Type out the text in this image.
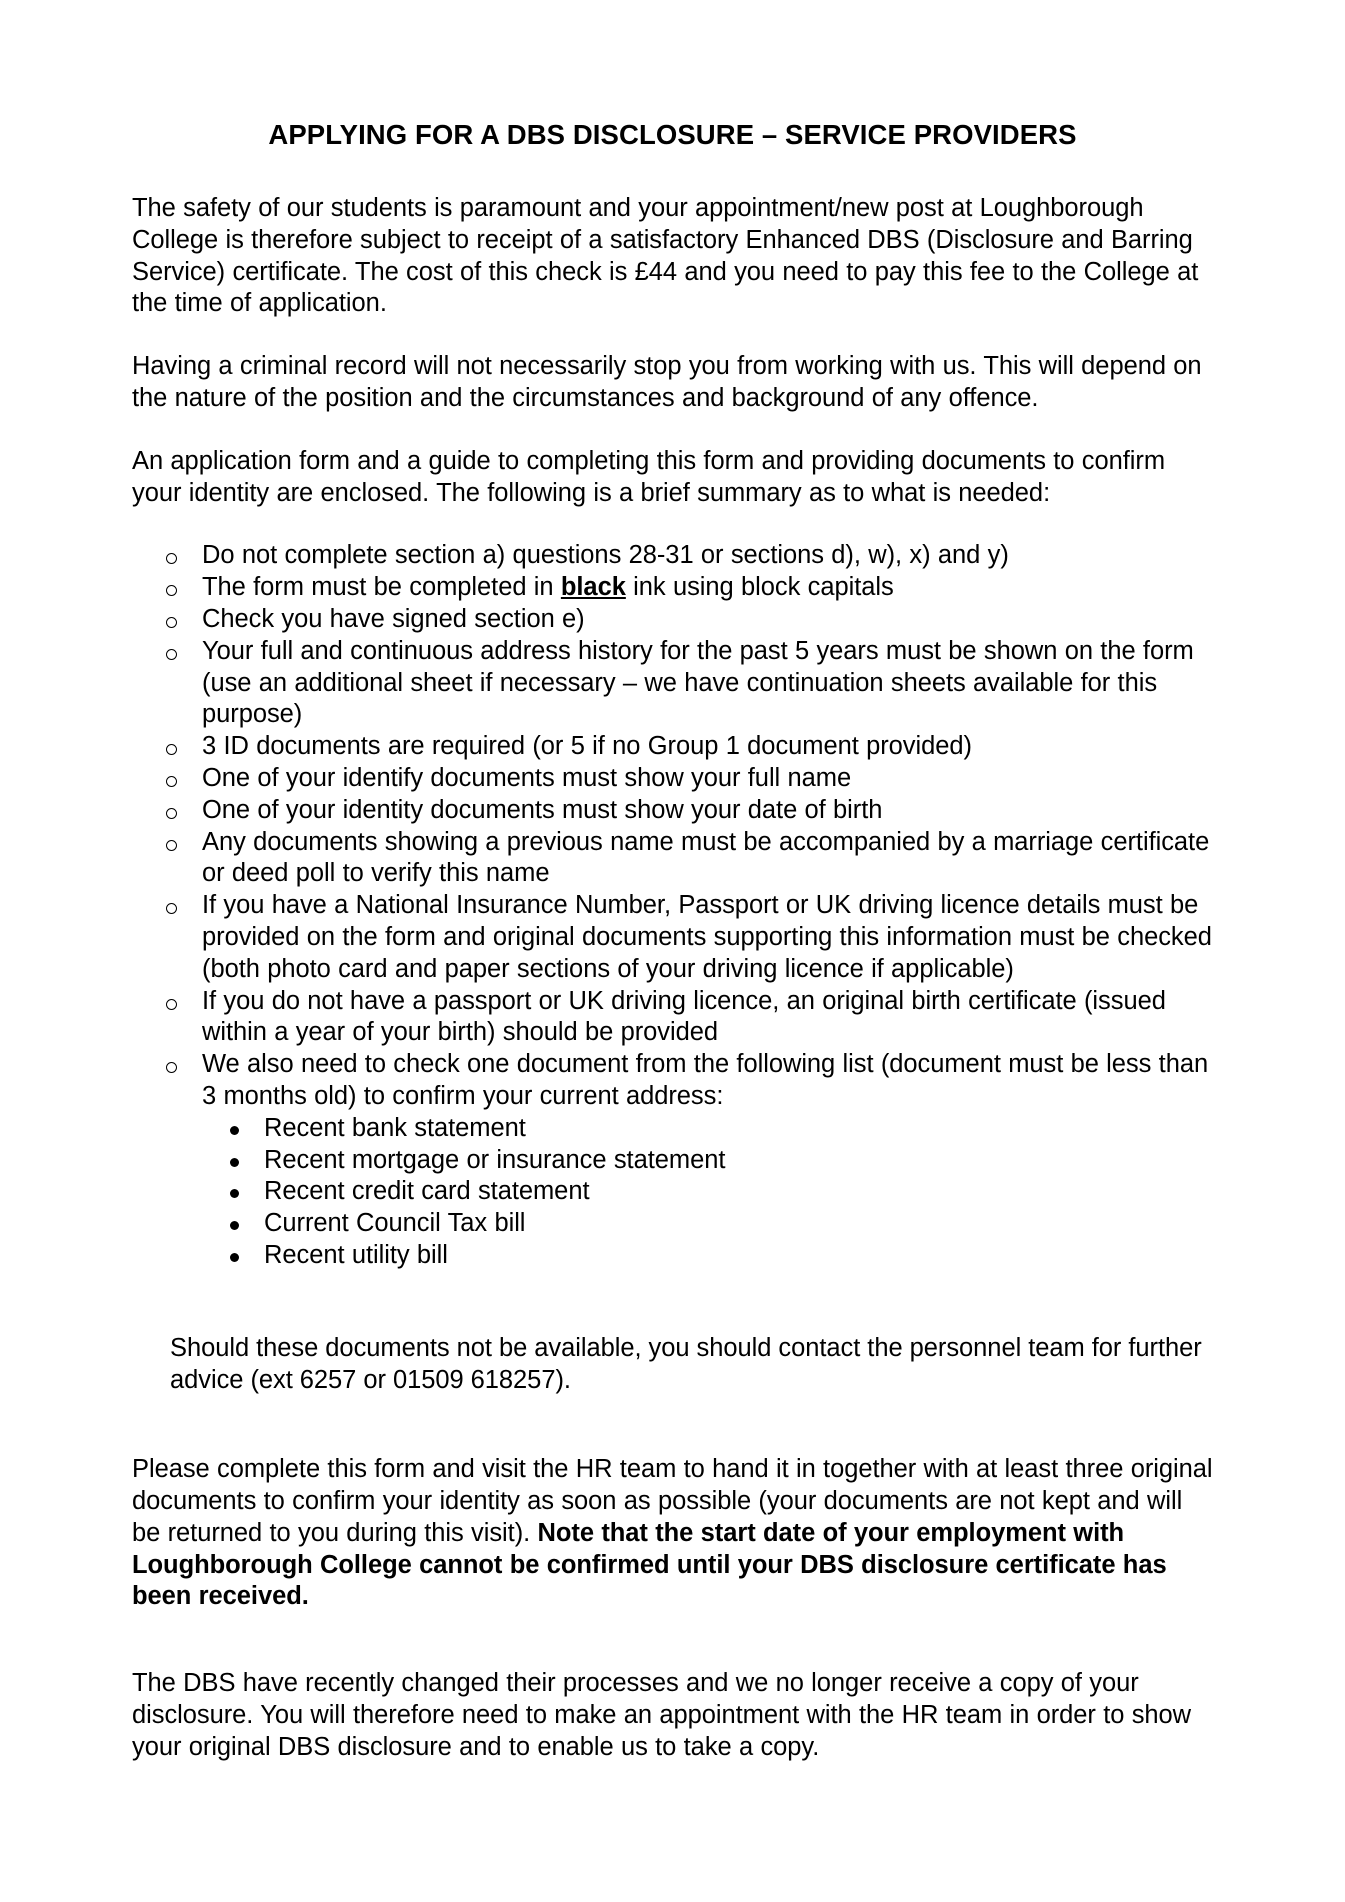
APPLYING FOR A DBS DISCLOSURE – SERVICE PROVIDERS

The safety of our students is paramount and your appointment/new post at Loughborough College is therefore subject to receipt of a satisfactory Enhanced DBS (Disclosure and Barring Service) certificate. The cost of this check is £44 and you need to pay this fee to the College at the time of application.

Having a criminal record will not necessarily stop you from working with us. This will depend on the nature of the position and the circumstances and background of any offence.

An application form and a guide to completing this form and providing documents to confirm your identity are enclosed. The following is a brief summary as to what is needed:

Do not complete section a) questions 28-31 or sections d), w), x) and y)
The form must be completed in black ink using block capitals
Check you have signed section e)
Your full and continuous address history for the past 5 years must be shown on the form (use an additional sheet if necessary – we have continuation sheets available for this purpose)
3 ID documents are required (or 5 if no Group 1 document provided)
One of your identify documents must show your full name
One of your identity documents must show your date of birth
Any documents showing a previous name must be accompanied by a marriage certificate or deed poll to verify this name
If you have a National Insurance Number, Passport or UK driving licence details must be provided on the form and original documents supporting this information must be checked (both photo card and paper sections of your driving licence if applicable)
If you do not have a passport or UK driving licence, an original birth certificate (issued within a year of your birth) should be provided
We also need to check one document from the following list (document must be less than 3 months old) to confirm your current address:
Recent bank statement
Recent mortgage or insurance statement
Recent credit card statement
Current Council Tax bill
Recent utility bill

Should these documents not be available, you should contact the personnel team for further advice (ext 6257 or 01509 618257).

Please complete this form and visit the HR team to hand it in together with at least three original documents to confirm your identity as soon as possible (your documents are not kept and will be returned to you during this visit). Note that the start date of your employment with Loughborough College cannot be confirmed until your DBS disclosure certificate has been received.

The DBS have recently changed their processes and we no longer receive a copy of your disclosure. You will therefore need to make an appointment with the HR team in order to show your original DBS disclosure and to enable us to take a copy.
